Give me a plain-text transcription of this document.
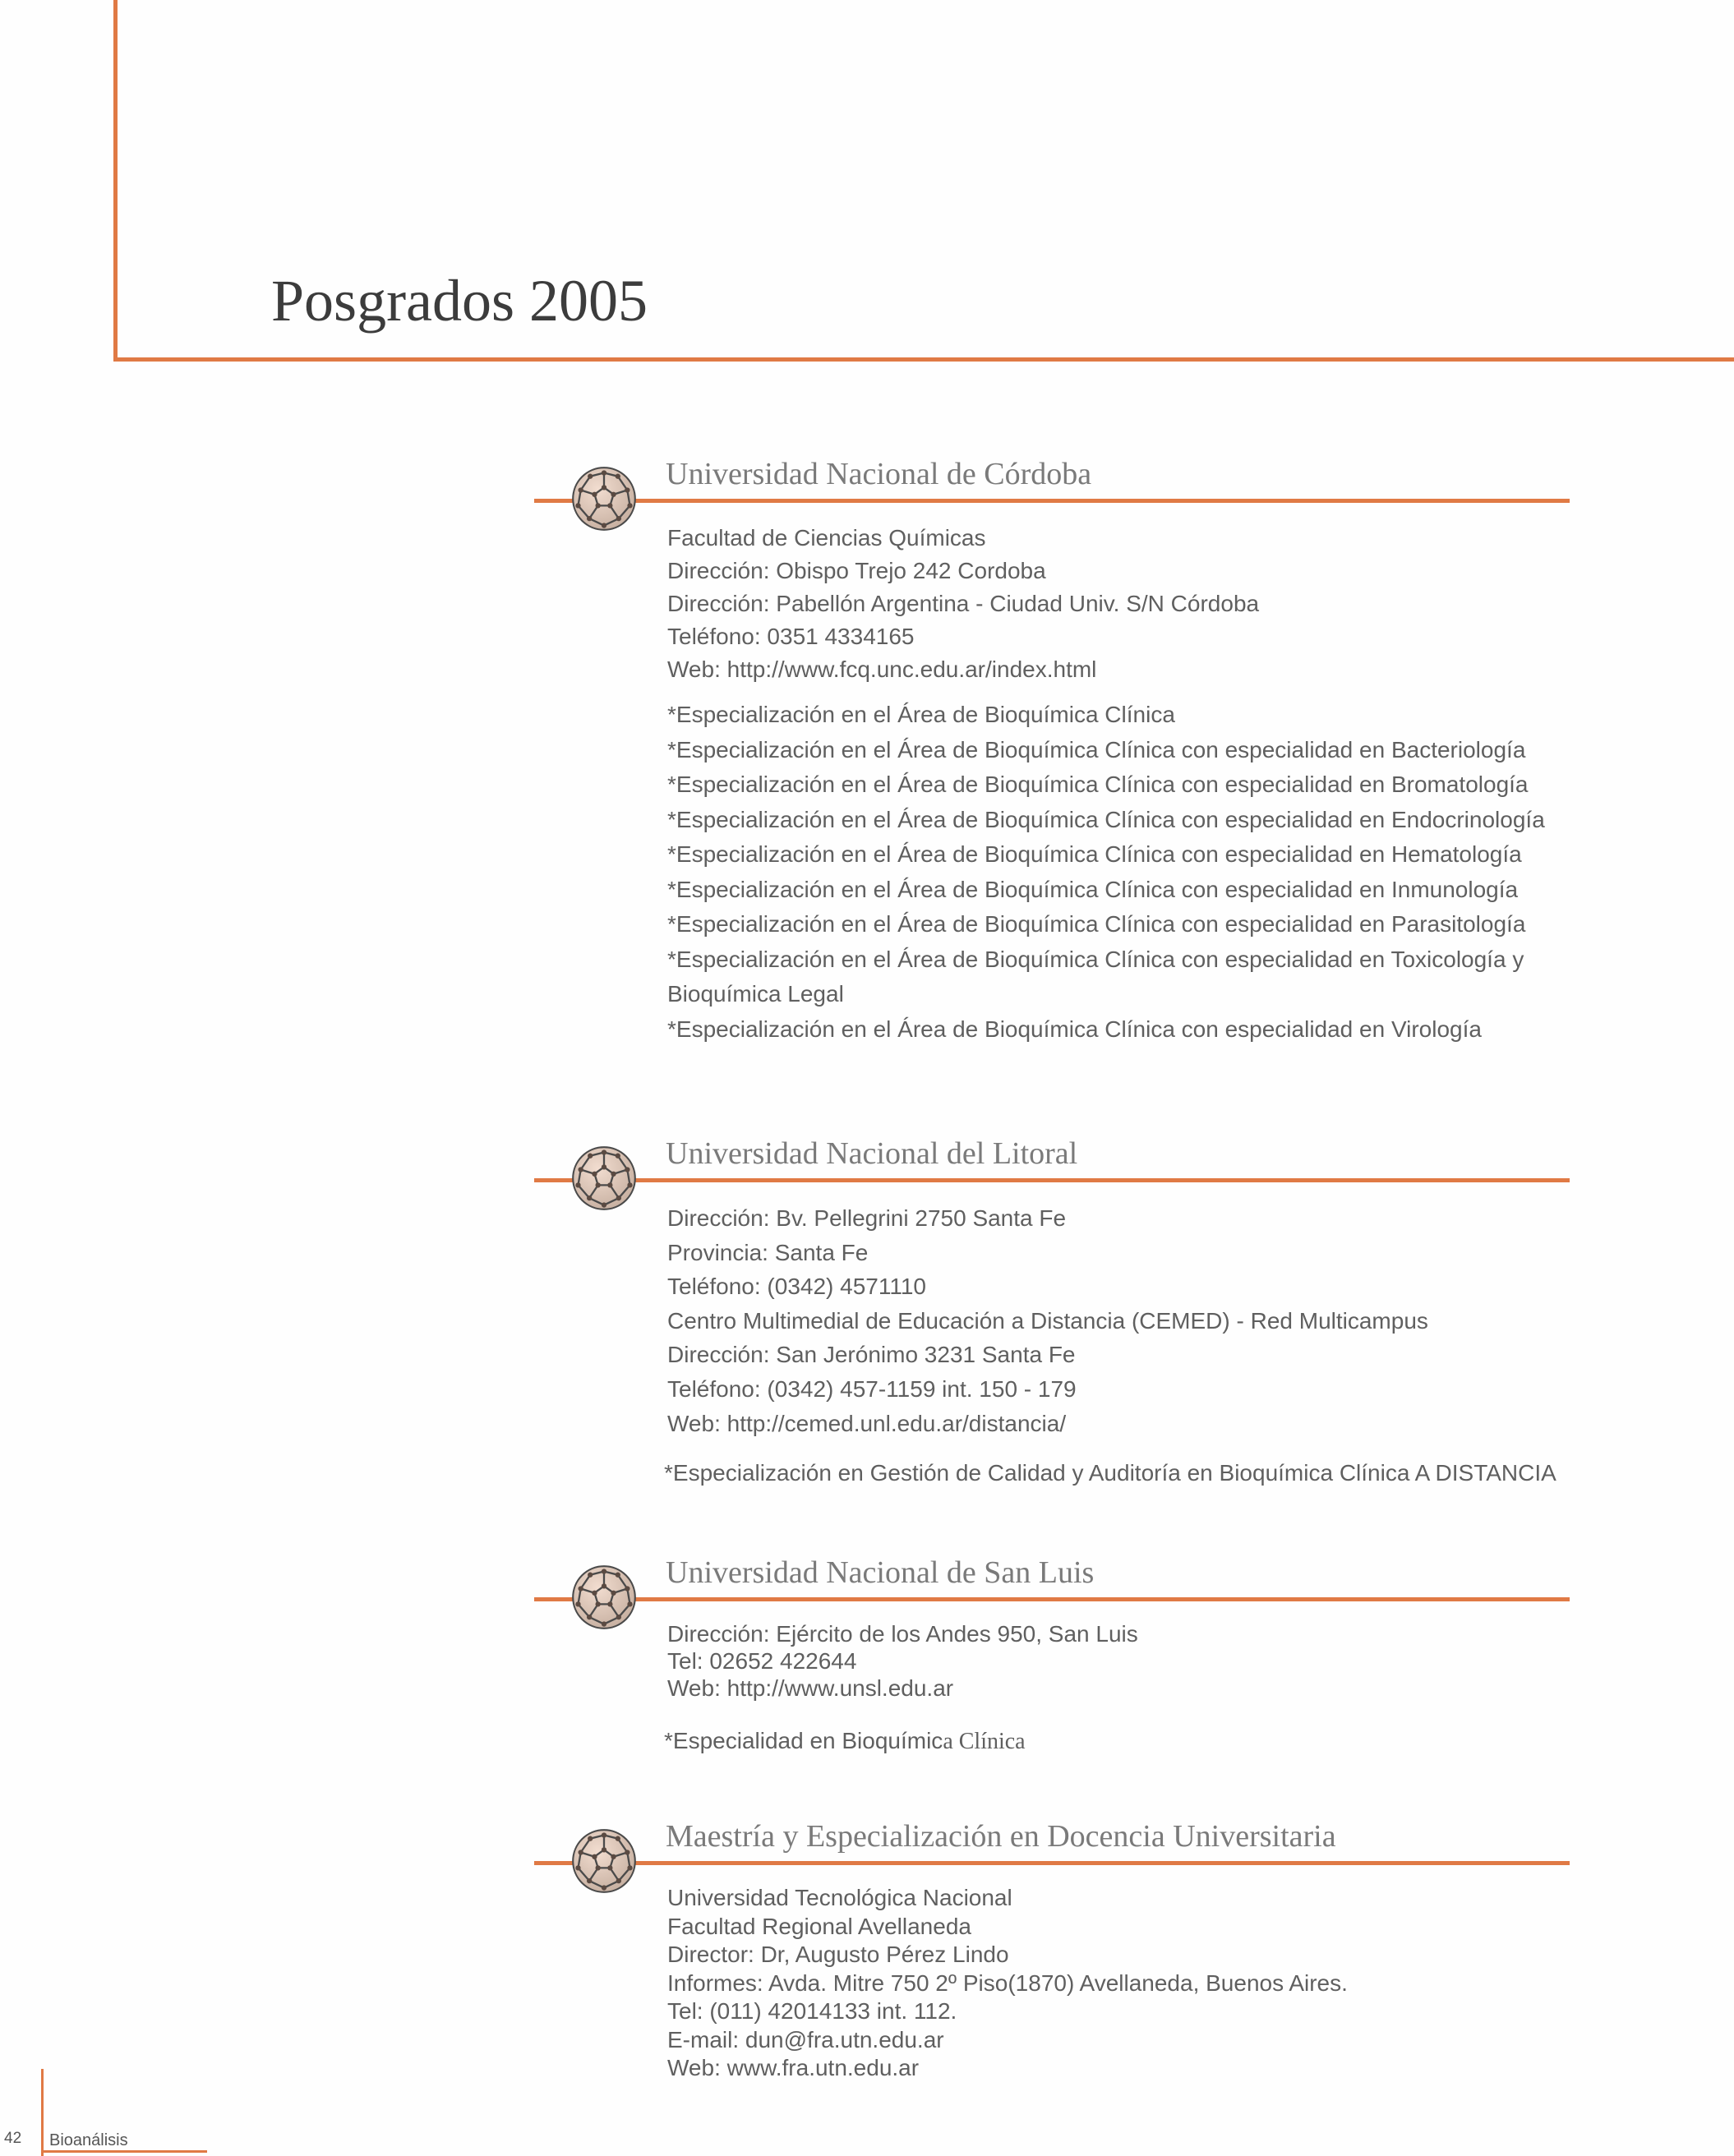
Posgrados 2005
Universidad Nacional de Córdoba

Facultad de Ciencias Químicas

Dirección: Obispo Trejo 242 Cordoba

Dirección: Pabellón Argentina - Ciudad Univ. S/N Córdoba

Teléfono: 0351 4334165

Web: http://www.fcq.unc.edu.ar/index.html

*Especialización en el Área de Bioquímica Clínica

*Especialización en el Área de Bioquímica Clínica con especialidad en Bacteriología

*Especialización en el Área de Bioquímica Clínica con especialidad en Bromatología

*Especialización en el Área de Bioquímica Clínica con especialidad en Endocrinología

*Especialización en el Área de Bioquímica Clínica con especialidad en Hematología

*Especialización en el Área de Bioquímica Clínica con especialidad en Inmunología

*Especialización en el Área de Bioquímica Clínica con especialidad en Parasitología

*Especialización en el Área de Bioquímica Clínica con especialidad en Toxicología y Bioquímica Legal

*Especialización en el Área de Bioquímica Clínica con especialidad en Virología

Universidad Nacional del Litoral

Dirección: Bv. Pellegrini 2750 Santa Fe

Provincia: Santa Fe

Teléfono: (0342) 4571110

Centro Multimedial de Educación a Distancia (CEMED) - Red Multicampus

Dirección: San Jerónimo 3231 Santa Fe

Teléfono: (0342) 457-1159 int. 150 - 179

Web: http://cemed.unl.edu.ar/distancia/

*Especialización en Gestión de Calidad y Auditoría en Bioquímica Clínica A DISTANCIA

Universidad Nacional de San Luis

Dirección: Ejército de los Andes 950, San Luis

Tel: 02652 422644

Web: http://www.unsl.edu.ar

*Especialidad en Bioquímica Clínica

Maestría y Especialización en Docencia Universitaria

Universidad Tecnológica Nacional

Facultad Regional Avellaneda

Director: Dr, Augusto Pérez Lindo

Informes: Avda. Mitre 750 2º Piso(1870) Avellaneda, Buenos Aires.

Tel: (011) 42014133 int. 112.

E-mail: dun@fra.utn.edu.ar

Web: www.fra.utn.edu.ar

42 Bioanálisis
